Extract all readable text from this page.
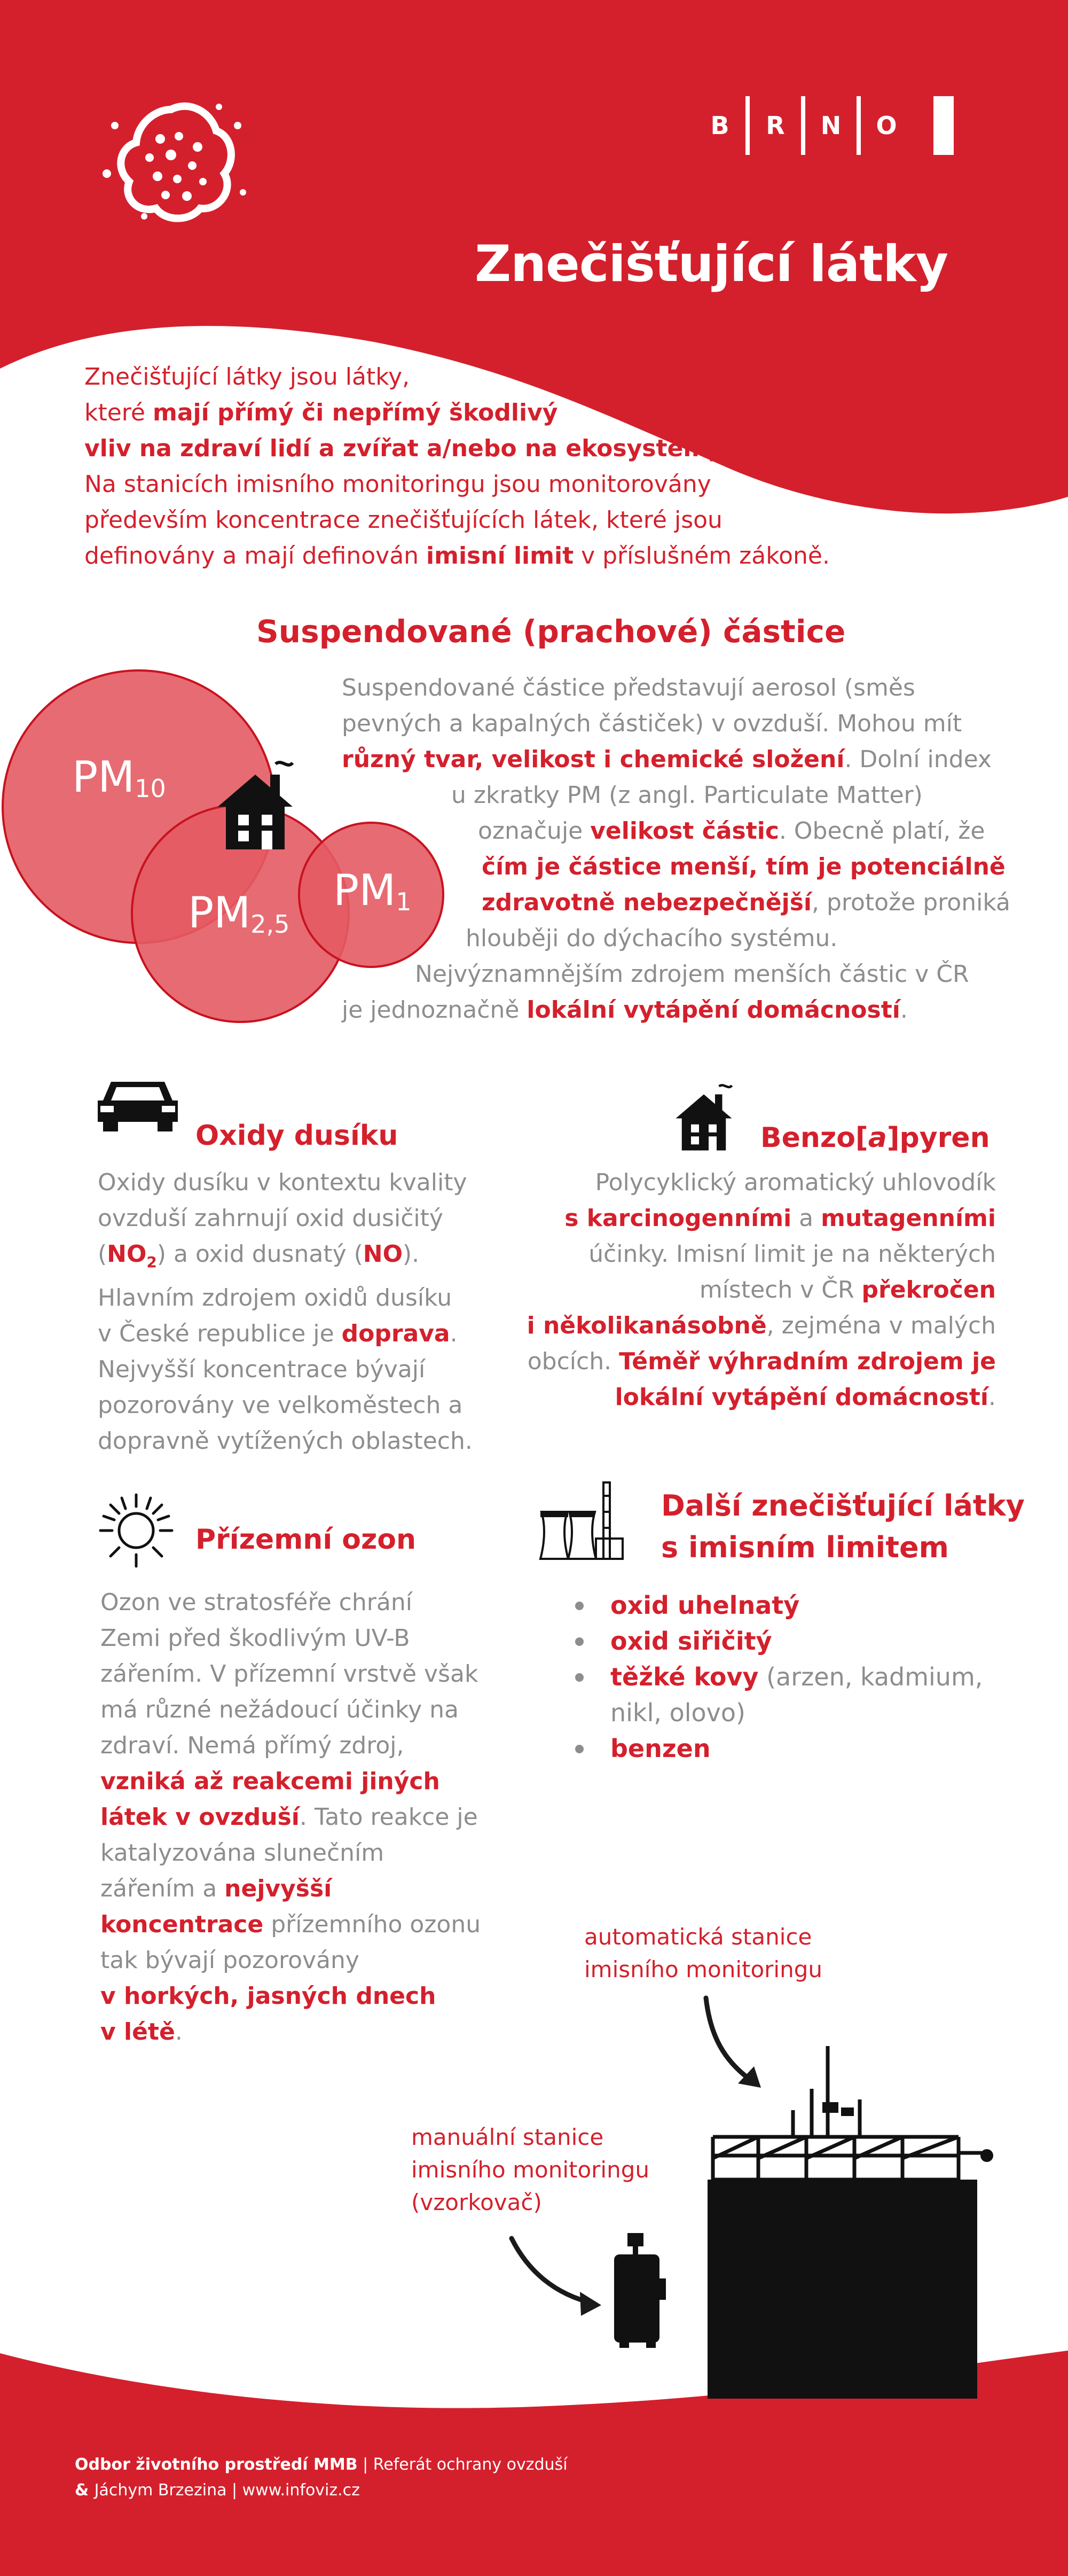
B	R	N	O
Znečišťující látky
Znečišťující látky jsou látky,
které mají přímý či nepřímý škodlivý
vliv na zdraví lidí a zvířat a/nebo na ekosystémy.
Na stanicích imisního monitoringu jsou monitorovány
především koncentrace znečišťujících látek, které jsou
definovány a mají definován imisní limit v příslušném zákoně.
Suspendované (prachové) částice
$PM_{10}$
$PM_{2,5}$
$PM_1$
Suspendované částice představují aerosol (směs
pevných a kapalných částiček) v ovzduší. Mohou mít
různý tvar, velikost i chemické složení. Dolní index
u zkratky PM (z angl. Particulate Matter)
označuje velikost částic. Obecně platí, že
čím je částice menší, tím je potenciálně
zdravotně nebezpečnější, protože proniká
hlouběji do dýchacího systému.
Nejvýznamnějším zdrojem menších částic v ČR
je jednoznačně lokální vytápění domácností.
Oxidy dusíku
Oxidy dusíku v kontextu kvality
ovzduší zahrnují oxid dusičitý
$(NO_2)$ a oxid dusnatý (NO).
Hlavním zdrojem oxidů dusíku
v České republice je doprava.
Nejvyšší koncentrace bývají
pozorovány ve velkoměstech a
dopravně vytížených oblastech.
Benzo[a]pyren
Polycyklický aromatický uhlovodík
s karcinogenními a mutagenními
účinky. Imisní limit je na některých
místech v ČR překročen
i několikanásobně, zejména v malých
obcích. Téměř výhradním zdrojem je
lokální vytápění domácností.
Přízemní ozon
Ozon ve stratosféře chrání
Zemi před škodlivým UV-B
zářením. V přízemní vrstvě však
má různé nežádoucí účinky na
zdraví. Nemá přímý zdroj,
vzniká až reakcemi jiných
látek v ovzduší. Tato reakce je
katalyzována slunečním
zářením a nejvyšší
koncentrace přízemního ozonu
tak bývají pozorovány
v horkých, jasných dnech
v létě.
Další znečišťující látky
s imisním limitem
oxid uhelnatý
oxid siřičitý
těžké kovy (arzen, kadmium,
nikl, olovo)
benzen
automatická stanice
imisního monitoringu
manuální stanice
imisního monitoringu
(vzorkovač)
Odbor životního prostředí MMB | Referát ochrany ovzduší
& Jáchym Brzezina | www.infoviz.cz
